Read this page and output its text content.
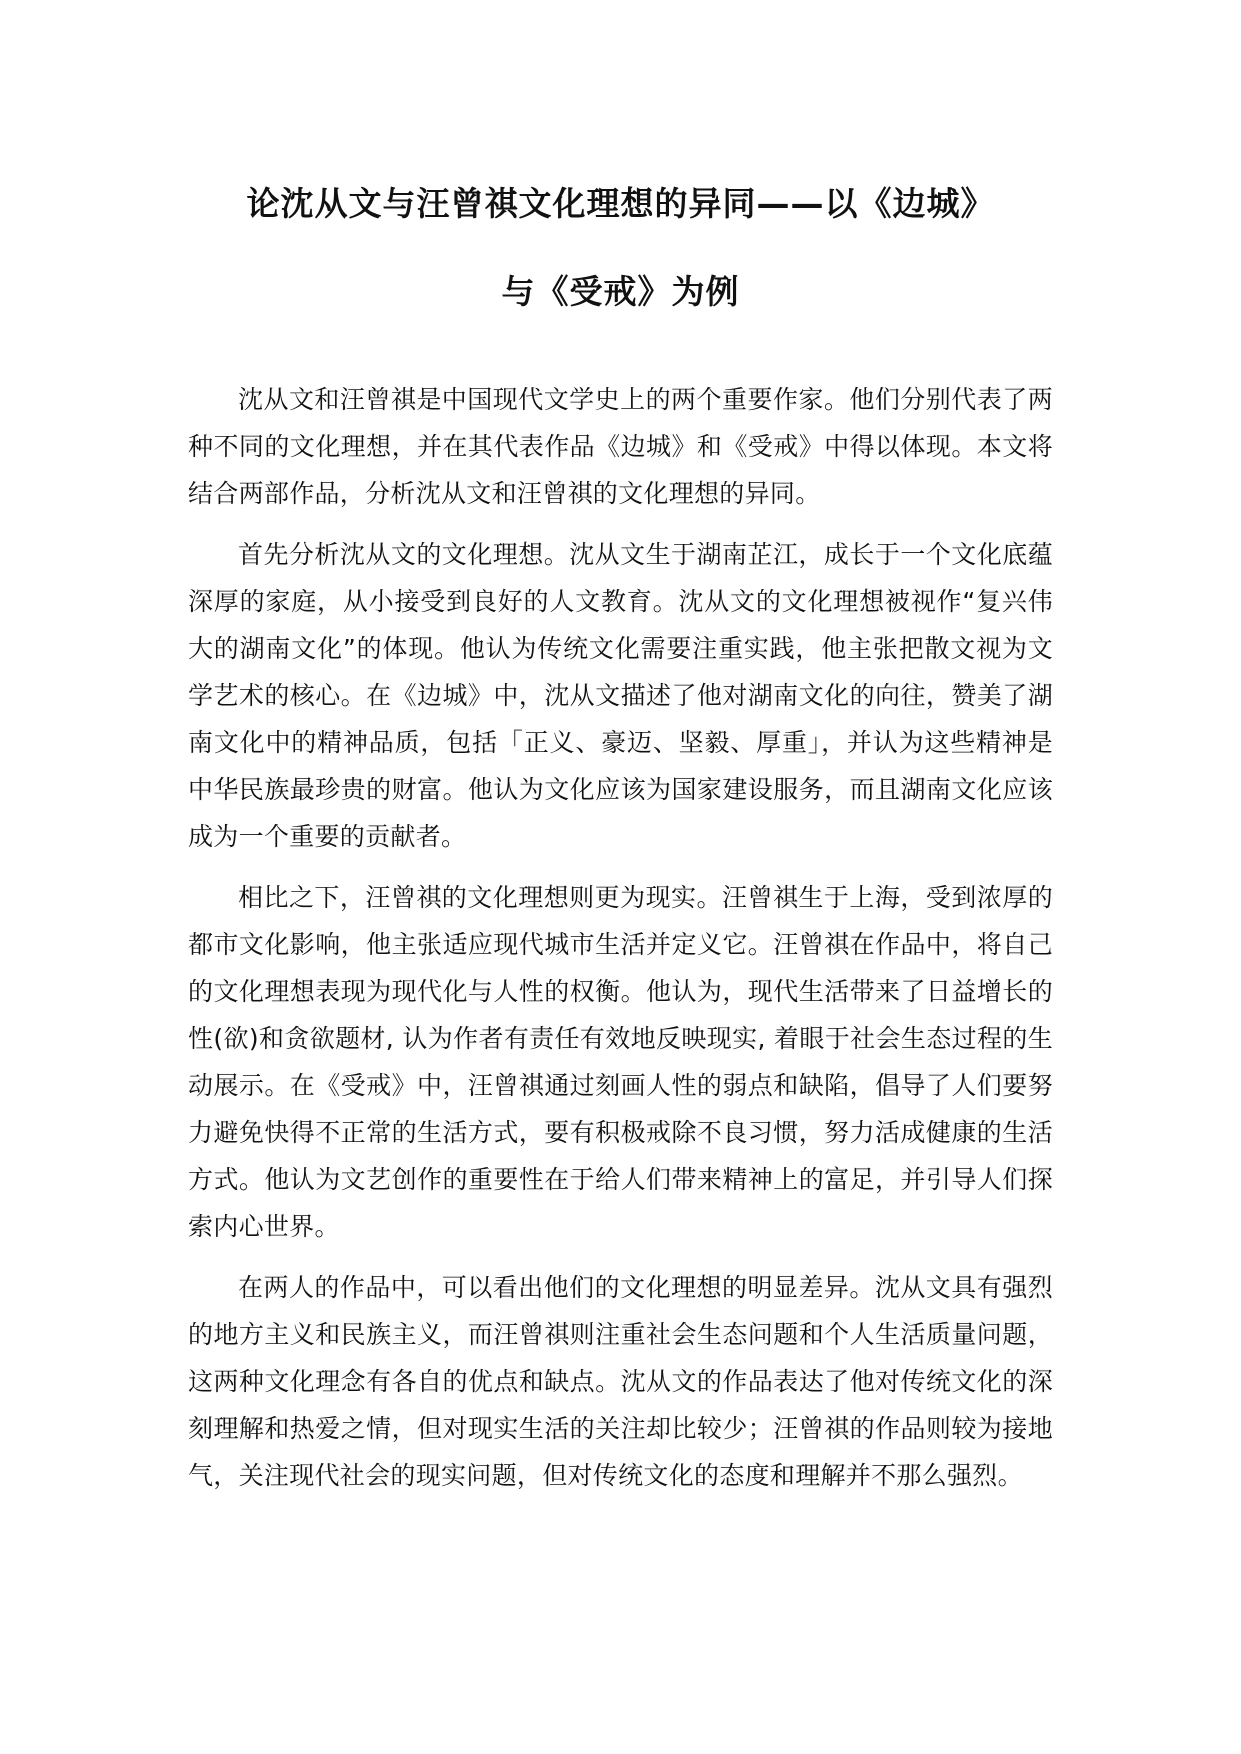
论沈从文与汪曾祺文化理想的异同——以《边城》
与《受戒》为例

沈从文和汪曾祺是中国现代文学史上的两个重要作家。他们分别代表了两种不同的文化理想，并在其代表作品《边城》和《受戒》中得以体现。本文将结合两部作品，分析沈从文和汪曾祺的文化理想的异同。

首先分析沈从文的文化理想。沈从文生于湖南芷江，成长于一个文化底蕴深厚的家庭，从小接受到良好的人文教育。沈从文的文化理想被视作“复兴伟大的湖南文化”的体现。他认为传统文化需要注重实践，他主张把散文视为文学艺术的核心。在《边城》中，沈从文描述了他对湖南文化的向往，赞美了湖南文化中的精神品质，包括「正义、豪迈、坚毅、厚重」，并认为这些精神是中华民族最珍贵的财富。他认为文化应该为国家建设服务，而且湖南文化应该成为一个重要的贡献者。

相比之下，汪曾祺的文化理想则更为现实。汪曾祺生于上海，受到浓厚的都市文化影响，他主张适应现代城市生活并定义它。汪曾祺在作品中，将自己的文化理想表现为现代化与人性的权衡。他认为，现代生活带来了日益增长的性(欲)和贪欲题材, 认为作者有责任有效地反映现实, 着眼于社会生态过程的生动展示。在《受戒》中，汪曾祺通过刻画人性的弱点和缺陷，倡导了人们要努力避免快得不正常的生活方式，要有积极戒除不良习惯，努力活成健康的生活方式。他认为文艺创作的重要性在于给人们带来精神上的富足，并引导人们探索内心世界。

在两人的作品中，可以看出他们的文化理想的明显差异。沈从文具有强烈的地方主义和民族主义，而汪曾祺则注重社会生态问题和个人生活质量问题，这两种文化理念有各自的优点和缺点。沈从文的作品表达了他对传统文化的深刻理解和热爱之情，但对现实生活的关注却比较少；汪曾祺的作品则较为接地气，关注现代社会的现实问题，但对传统文化的态度和理解并不那么强烈。
